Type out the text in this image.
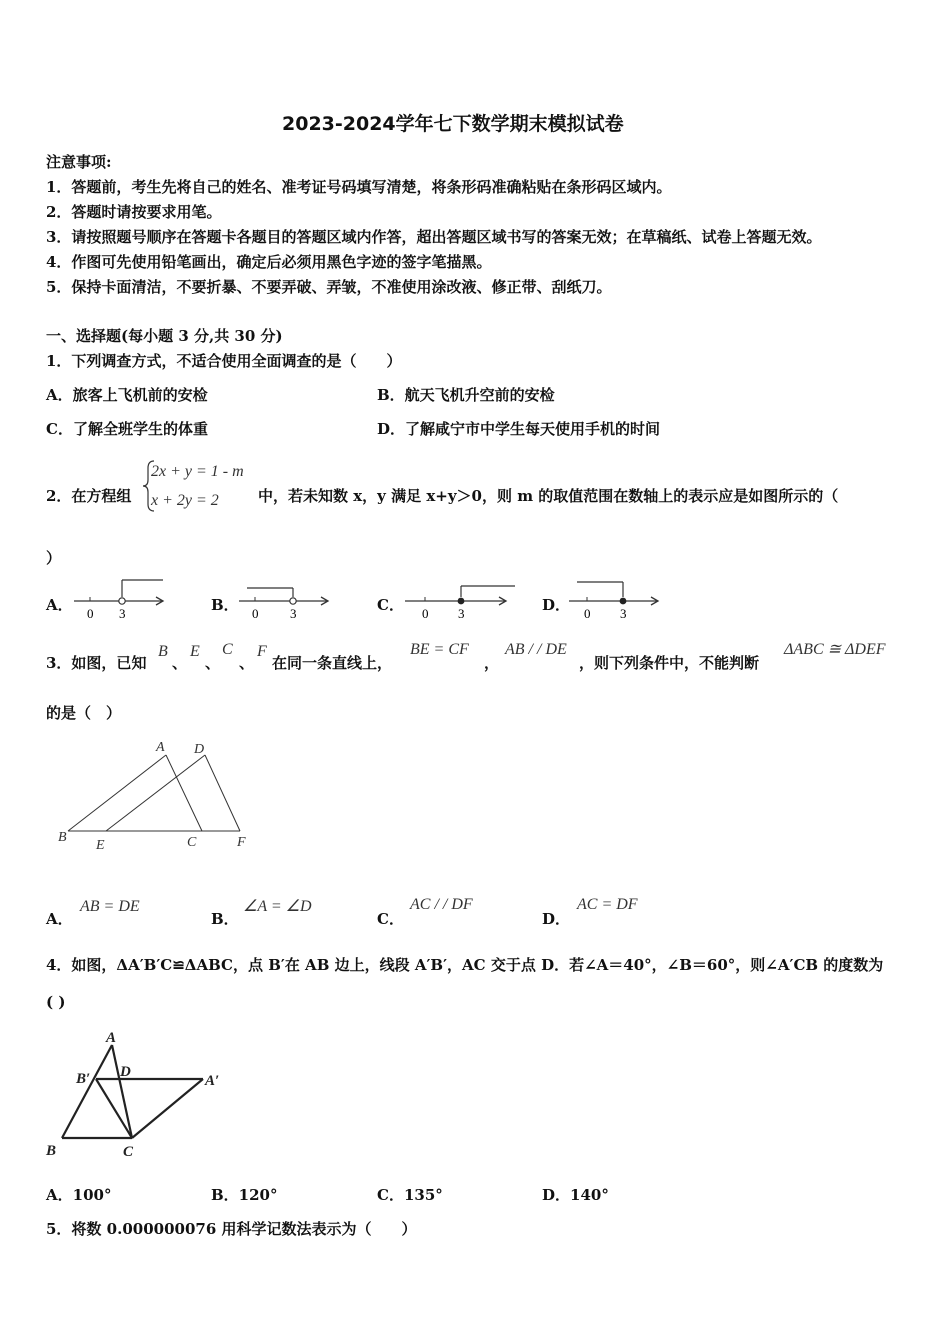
2023-2024学年七下数学期末模拟试卷
注意事项:
1．答题前，考生先将自己的姓名、准考证号码填写清楚，将条形码准确粘贴在条形码区域内。
2．答题时请按要求用笔。
3．请按照题号顺序在答题卡各题目的答题区域内作答，超出答题区域书写的答案无效；在草稿纸、试卷上答题无效。
4．作图可先使用铅笔画出，确定后必须用黑色字迹的签字笔描黑。
5．保持卡面清洁，不要折暴、不要弄破、弄皱，不准使用涂改液、修正带、刮纸刀。
一、选择题(每小题 3 分,共 30 分)
1．下列调查方式，不适合使用全面调查的是（　　）
A．旅客上飞机前的安检	B．航天飞机升空前的安检
C．了解全班学生的体重	D．了解咸宁市中学生每天使用手机的时间
2．在方程组
2x + y = 1 - m
x + 2y = 2	中，若未知数 x，y 满足 x+y＞0，则 m 的取值范围在数轴上的表示应是如图所示的（
）
A． 0 3	B． 0 3	C． 0 3	D． 0 3
3．如图，已知
B
、
E
、
C
、
F
在同一条直线上，
BE = CF
，
AB / / DE
，则下列条件中，不能判断
ΔABC ≅ ΔDEF
的是（　）
A D
B
E	C	F
A．
AB = DE
B．
∠A = ∠D
C．
AC / / DF
D．
AC = DF
4．如图，ΔA′B′C≌ΔABC，点 B′在 AB 边上，线段 A′B′，AC 交于点 D．若∠A＝40°，∠B＝60°，则∠A′CB 的度数为
( )
A
D
B′	A′
B	C
A．100°	B．120°	C．135°	D．140°
5．将数 0.000000076 用科学记数法表示为（　　）
